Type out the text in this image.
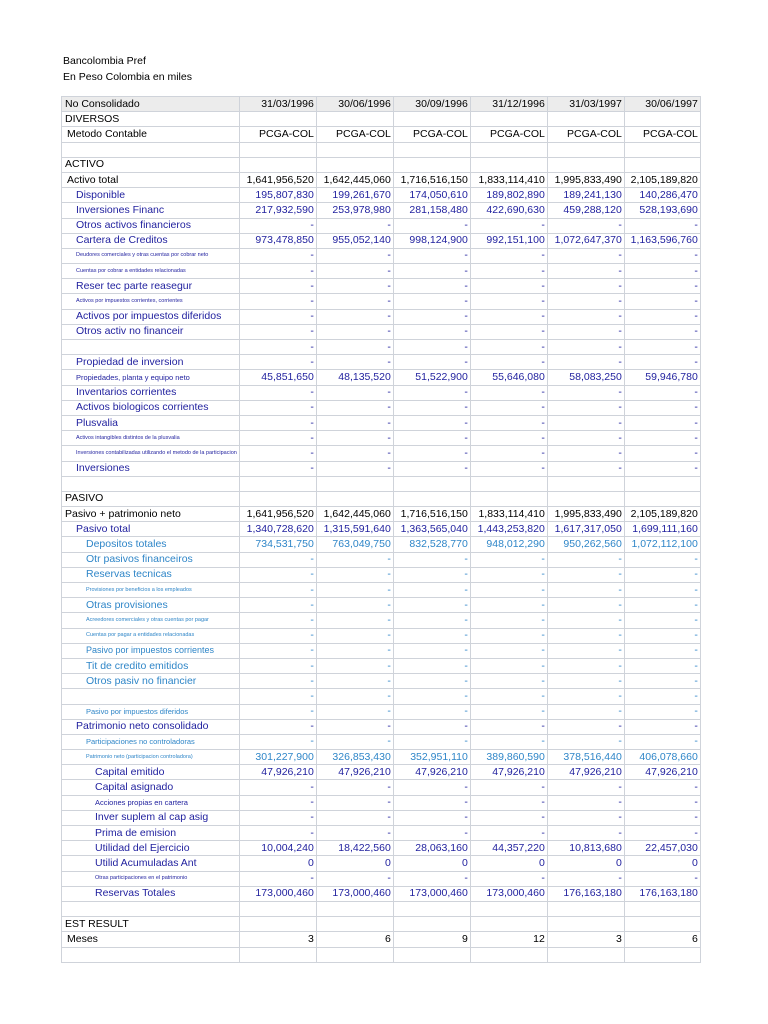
Bancolombia Pref
En Peso Colombia en miles
No Consolidado	31/03/1996	30/06/1996	30/09/1996	31/12/1996	31/03/1997	30/06/1997
DIVERSOS						
Metodo Contable	PCGA-COL	PCGA-COL	PCGA-COL	PCGA-COL	PCGA-COL	PCGA-COL

ACTIVO						
Activo total	1,641,956,520	1,642,445,060	1,716,516,150	1,833,114,410	1,995,833,490	2,105,189,820
Disponible	195,807,830	199,261,670	174,050,610	189,802,890	189,241,130	140,286,470
Inversiones Financ	217,932,590	253,978,980	281,158,480	422,690,630	459,288,120	528,193,690
Otros activos financieros	-	-	-	-	-	-
Cartera de Creditos	973,478,850	955,052,140	998,124,900	992,151,100	1,072,647,370	1,163,596,760
Deudores comerciales y otras cuentas por cobrar neto	-	-	-	-	-	-
Cuentas por cobrar a entidades relacionadas	-	-	-	-	-	-
Reser tec parte reasegur	-	-	-	-	-	-
Activos por impuestos corrientes, corrientes	-	-	-	-	-	-
Activos por impuestos diferidos	-	-	-	-	-	-
Otros activ no financeir	-	-	-	-	-	-
	-	-	-	-	-	-
Propiedad de inversion	-	-	-	-	-	-
Propiedades, planta y equipo neto	45,851,650	48,135,520	51,522,900	55,646,080	58,083,250	59,946,780
Inventarios corrientes	-	-	-	-	-	-
Activos biologicos corrientes	-	-	-	-	-	-
Plusvalia	-	-	-	-	-	-
Activos intangibles distintos de la plusvalia	-	-	-	-	-	-
Inversiones contabilizadas utilizando el metodo de la participacion	-	-	-	-	-	-
Inversiones	-	-	-	-	-	-

PASIVO						
Pasivo + patrimonio neto	1,641,956,520	1,642,445,060	1,716,516,150	1,833,114,410	1,995,833,490	2,105,189,820
Pasivo total	1,340,728,620	1,315,591,640	1,363,565,040	1,443,253,820	1,617,317,050	1,699,111,160
Depositos totales	734,531,750	763,049,750	832,528,770	948,012,290	950,262,560	1,072,112,100
Otr pasivos financeiros	-	-	-	-	-	-
Reservas tecnicas	-	-	-	-	-	-
Provisiones por beneficios a los empleados	-	-	-	-	-	-
Otras provisiones	-	-	-	-	-	-
Acreedores comerciales y otras cuentas por pagar	-	-	-	-	-	-
Cuentas por pagar a entidades relacionadas	-	-	-	-	-	-
Pasivo por impuestos corrientes	-	-	-	-	-	-
Tit de credito emitidos	-	-	-	-	-	-
Otros pasiv no financier	-	-	-	-	-	-
	-	-	-	-	-	-
Pasivo por impuestos diferidos	-	-	-	-	-	-
Patrimonio neto consolidado	-	-	-	-	-	-
Participaciones no controladoras	-	-	-	-	-	-
Patrimonio neto (participacion controladora)	301,227,900	326,853,430	352,951,110	389,860,590	378,516,440	406,078,660
Capital emitido	47,926,210	47,926,210	47,926,210	47,926,210	47,926,210	47,926,210
Capital asignado	-	-	-	-	-	-
Acciones propias en cartera	-	-	-	-	-	-
Inver suplem al cap asig	-	-	-	-	-	-
Prima de emision	-	-	-	-	-	-
Utilidad del Ejercicio	10,004,240	18,422,560	28,063,160	44,357,220	10,813,680	22,457,030
Utilid Acumuladas Ant	0	0	0	0	0	0
Otras participaciones en el patrimonio	-	-	-	-	-	-
Reservas Totales	173,000,460	173,000,460	173,000,460	173,000,460	176,163,180	176,163,180

EST RESULT						
Meses	3	6	9	12	3	6
